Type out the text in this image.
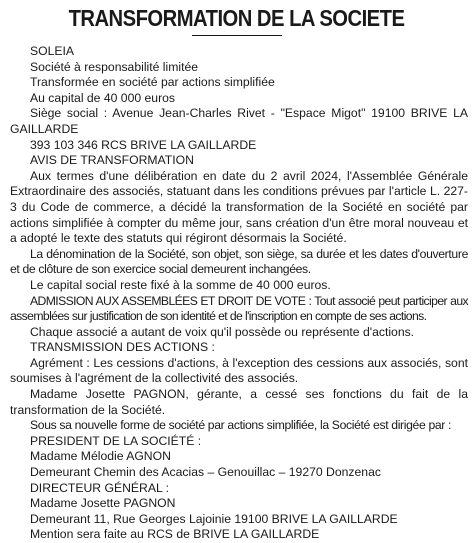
TRANSFORMATION DE LA SOCIETE

SOLEIA

Société à responsabilité limitée

Transformée en société par actions simplifiée

Au capital de 40 000 euros

Siège social : Avenue Jean-Charles Rivet - "Espace Migot" 19100 BRIVE LA GAILLARDE

393 103 346 RCS BRIVE LA GAILLARDE

AVIS DE TRANSFORMATION

Aux termes d'une délibération en date du 2 avril 2024, l'Assemblée Générale Extraordinaire des associés, statuant dans les conditions prévues par l'article L. 227-3 du Code de commerce, a décidé la transformation de la Société en société par actions simplifiée à compter du même jour, sans création d'un être moral nouveau et a adopté le texte des statuts qui régiront désormais la Société.

La dénomination de la Société, son objet, son siège, sa durée et les dates d'ouverture et de clôture de son exercice social demeurent inchangées.

Le capital social reste fixé à la somme de 40 000 euros.

ADMISSION AUX ASSEMBLÉES ET DROIT DE VOTE : Tout associé peut participer aux assemblées sur justification de son identité et de l'inscription en compte de ses actions.

Chaque associé a autant de voix qu'il possède ou représente d'actions.

TRANSMISSION DES ACTIONS :

Agrément : Les cessions d'actions, à l'exception des cessions aux associés, sont soumises à l'agrément de la collectivité des associés.

Madame Josette PAGNON, gérante, a cessé ses fonctions du fait de la transformation de la Société.

Sous sa nouvelle forme de société par actions simplifiée, la Société est dirigée par :

PRESIDENT DE LA SOCIÉTÉ :

Madame Mélodie AGNON

Demeurant Chemin des Acacias – Genouillac – 19270 Donzenac

DIRECTEUR GÉNÉRAL :

Madame Josette PAGNON

Demeurant 11, Rue Georges Lajoinie 19100 BRIVE LA GAILLARDE

Mention sera faite au RCS de BRIVE LA GAILLARDE
